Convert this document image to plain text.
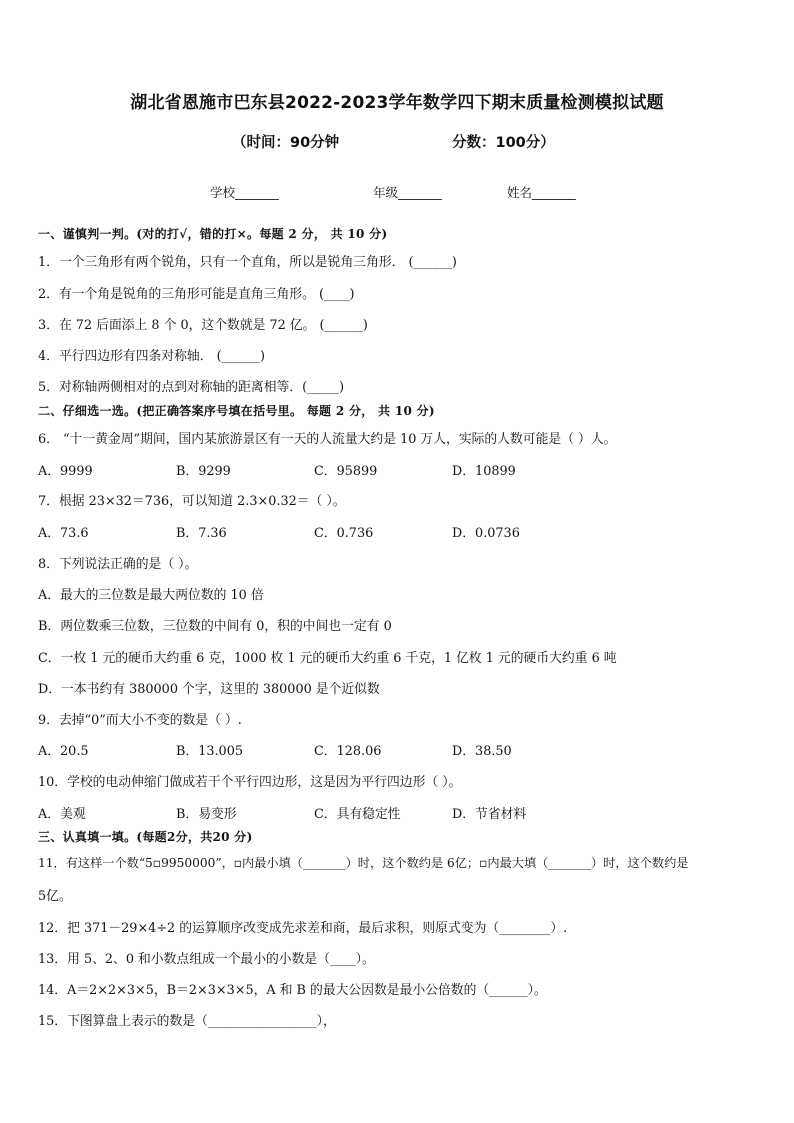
湖北省恩施市巴东县2022-2023学年数学四下期末质量检测模拟试题
（时间：90分钟	分数：100分）
学校_______	年级_______	姓名_______
一、谨慎判一判。(对的打√，错的打×。每题 2 分， 共 10 分)
1．一个三角形有两个锐角，只有一个直角，所以是锐角三角形． (______)
2．有一个角是锐角的三角形可能是直角三角形。 (____)
3．在 72 后面添上 8 个 0，这个数就是 72 亿。 (______)
4．平行四边形有四条对称轴． (______)
5．对称轴两侧相对的点到对称轴的距离相等．(_____)
二、仔细选一选。(把正确答案序号填在括号里。 每题 2 分， 共 10 分)
6． “十一黄金周”期间，国内某旅游景区有一天的人流量大约是 10 万人，实际的人数可能是（ ）人。
A．9999	B．9299	C．95899	D．10899
7．根据 23×32＝736，可以知道 2.3×0.32＝（ ）。
A．73.6	B．7.36	C．0.736	D．0.0736
8．下列说法正确的是（ ）。
A．最大的三位数是最大两位数的 10 倍
B．两位数乘三位数，三位数的中间有 0，积的中间也一定有 0
C．一枚 1 元的硬币大约重 6 克，1000 枚 1 元的硬币大约重 6 千克，1 亿枚 1 元的硬币大约重 6 吨
D．一本书约有 380000 个字，这里的 380000 是个近似数
9．去掉“0”而大小不变的数是（ ）.
A．20.5	B．13.005	C．128.06	D．38.50
10．学校的电动伸缩门做成若干个平行四边形，这是因为平行四边形（ ）。
A．美观	B．易变形	C．具有稳定性	D．节省材料
三、认真填一填。(每题2分，共20 分)
11．有这样一个数“5▫9950000”，▫内最小填（_______）时，这个数约是 6亿；▫内最大填（_______）时，这个数约是
5亿。
12．把 371－29×4÷2 的运算顺序改变成先求差和商，最后求积，则原式变为（________）.
13．用 5、2、0 和小数点组成一个最小的小数是（____）。
14．A＝2×2×3×5，B＝2×3×3×5，A 和 B 的最大公因数是最小公倍数的（______）。
15．下图算盘上表示的数是（_________________），
